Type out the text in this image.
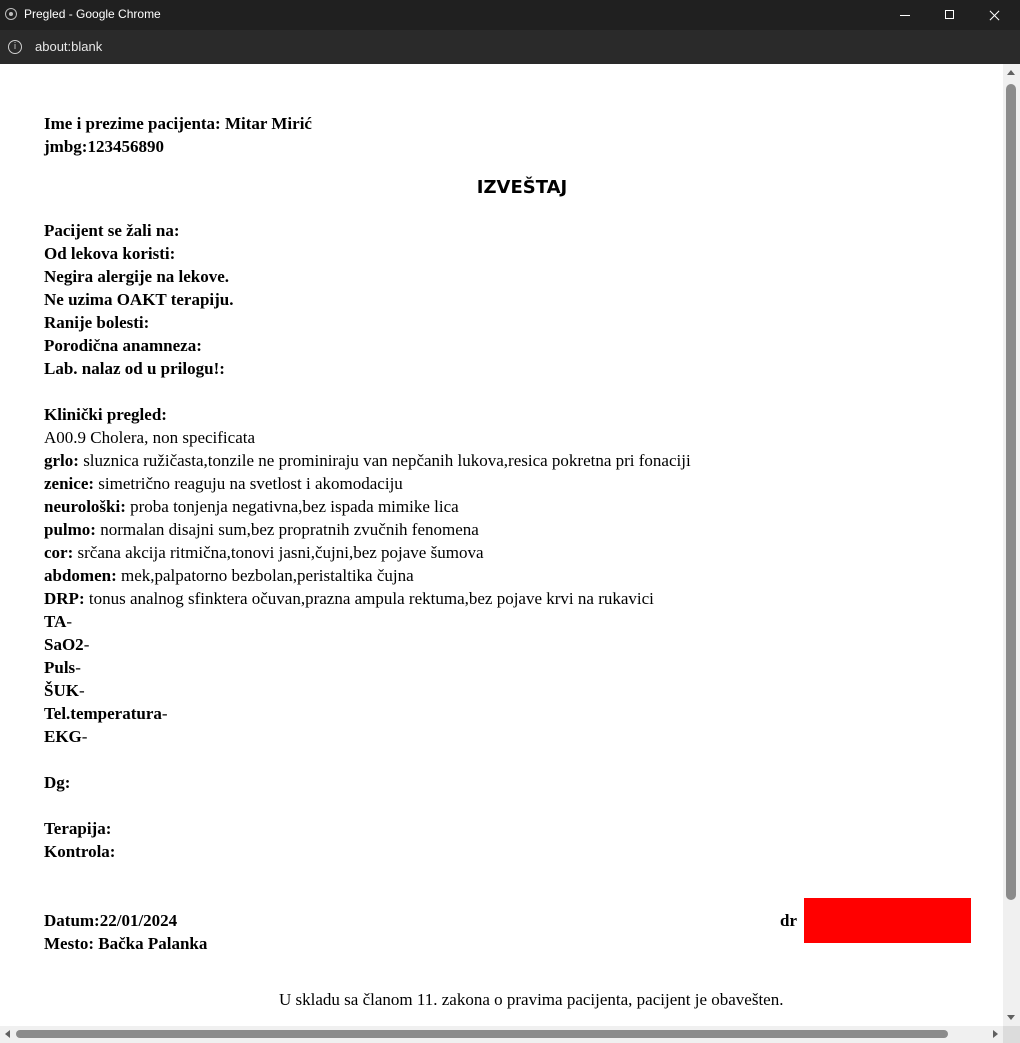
Pregled - Google Chrome
i	about:blank
Ime i prezime pacijenta: Mitar Mirić
jmbg:123456890
IZVEŠTAJ
Pacijent se žali na:
Od lekova koristi:
Negira alergije na lekove.
Ne uzima OAKT terapiju.
Ranije bolesti:
Porodična anamneza:
Lab. nalaz od u prilogu!:
Klinički pregled:
A00.9 Cholera, non specificata
grlo: sluznica ružičasta,tonzile ne prominiraju van nepčanih lukova,resica pokretna pri fonaciji
zenice: simetrično reaguju na svetlost i akomodaciju
neurološki: proba tonjenja negativna,bez ispada mimike lica
pulmo: normalan disajni sum,bez propratnih zvučnih fenomena
cor: srčana akcija ritmična,tonovi jasni,čujni,bez pojave šumova
abdomen: mek,palpatorno bezbolan,peristaltika čujna
DRP: tonus analnog sfinktera očuvan,prazna ampula rektuma,bez pojave krvi na rukavici
TA-
SaO2-
Puls-
ŠUK-
Tel.temperatura-
EKG-
Dg:
Terapija:
Kontrola:
Datum:22/01/2024	dr
Mesto: Bačka Palanka
U skladu sa članom 11. zakona o pravima pacijenta, pacijent je obavešten.
